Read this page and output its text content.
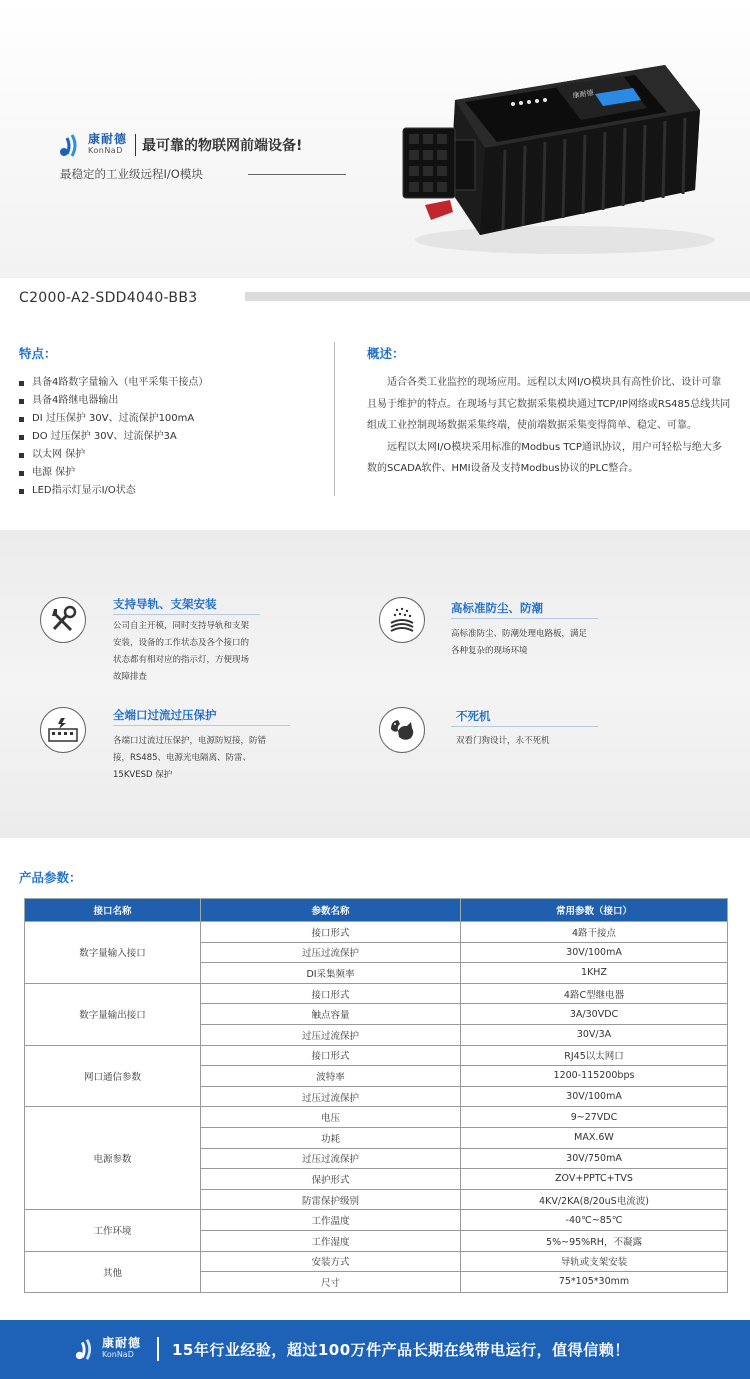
康耐德
KonNaD 最可靠的物联网前端设备!
最稳定的工业级远程I/O模块
康耐德
C2000-A2-SDD4040-BB3
特点：
具备4路数字量输入（电平采集干接点）
具备4路继电器输出
DI 过压保护 30V、过流保护100mA
DO 过压保护 30V、过流保护3A
以太网 保护
电源 保护
LED指示灯显示I/O状态
概述：

适合各类工业监控的现场应用。远程以太网I/O模块具有高性价比、设计可靠且易于维护的特点。在现场与其它数据采集模块通过TCP/IP网络或RS485总线共同组成工业控制现场数据采集终端，使前端数据采集变得简单、稳定、可靠。

远程以太网I/O模块采用标准的Modbus TCP通讯协议，用户可轻松与绝大多数的SCADA软件、HMI设备及支持Modbus协议的PLC整合。

支持导轨、支架安装
公司自主开模，同时支持导轨和支架
安装，设备的工作状态及各个接口的
状态都有相对应的指示灯，方便现场
故障排查
高标准防尘、防潮
高标准防尘、防潮处理电路板，满足
各种复杂的现场环境
全端口过流过压保护
各端口过流过压保护，电源防短接，防错
接，RS485、电源光电隔离、防雷、
15KVESD 保护
不死机
双看门狗设计，永不死机
产品参数：
接口名称	参数名称	常用参数（接口）
数字量输入接口	接口形式	4路干接点
	过压过流保护	30V/100mA
	DI采集频率	1KHZ
数字量输出接口	接口形式	4路C型继电器
	触点容量	3A/30VDC
	过压过流保护	30V/3A
网口通信参数	接口形式	RJ45以太网口
	波特率	1200-115200bps
	过压过流保护	30V/100mA
电源参数	电压	9~27VDC
	功耗	MAX.6W
	过压过流保护	30V/750mA
	保护形式	ZOV+PPTC+TVS
	防雷保护级别	4KV/2KA(8/20uS电流波)
工作环境	工作温度	-40℃~85℃
	工作湿度	5%~95%RH，不凝露
其他	安装方式	导轨或支架安装
	尺寸	75*105*30mm
康耐德
KonNaD	15年行业经验，超过100万件产品长期在线带电运行，值得信赖！
